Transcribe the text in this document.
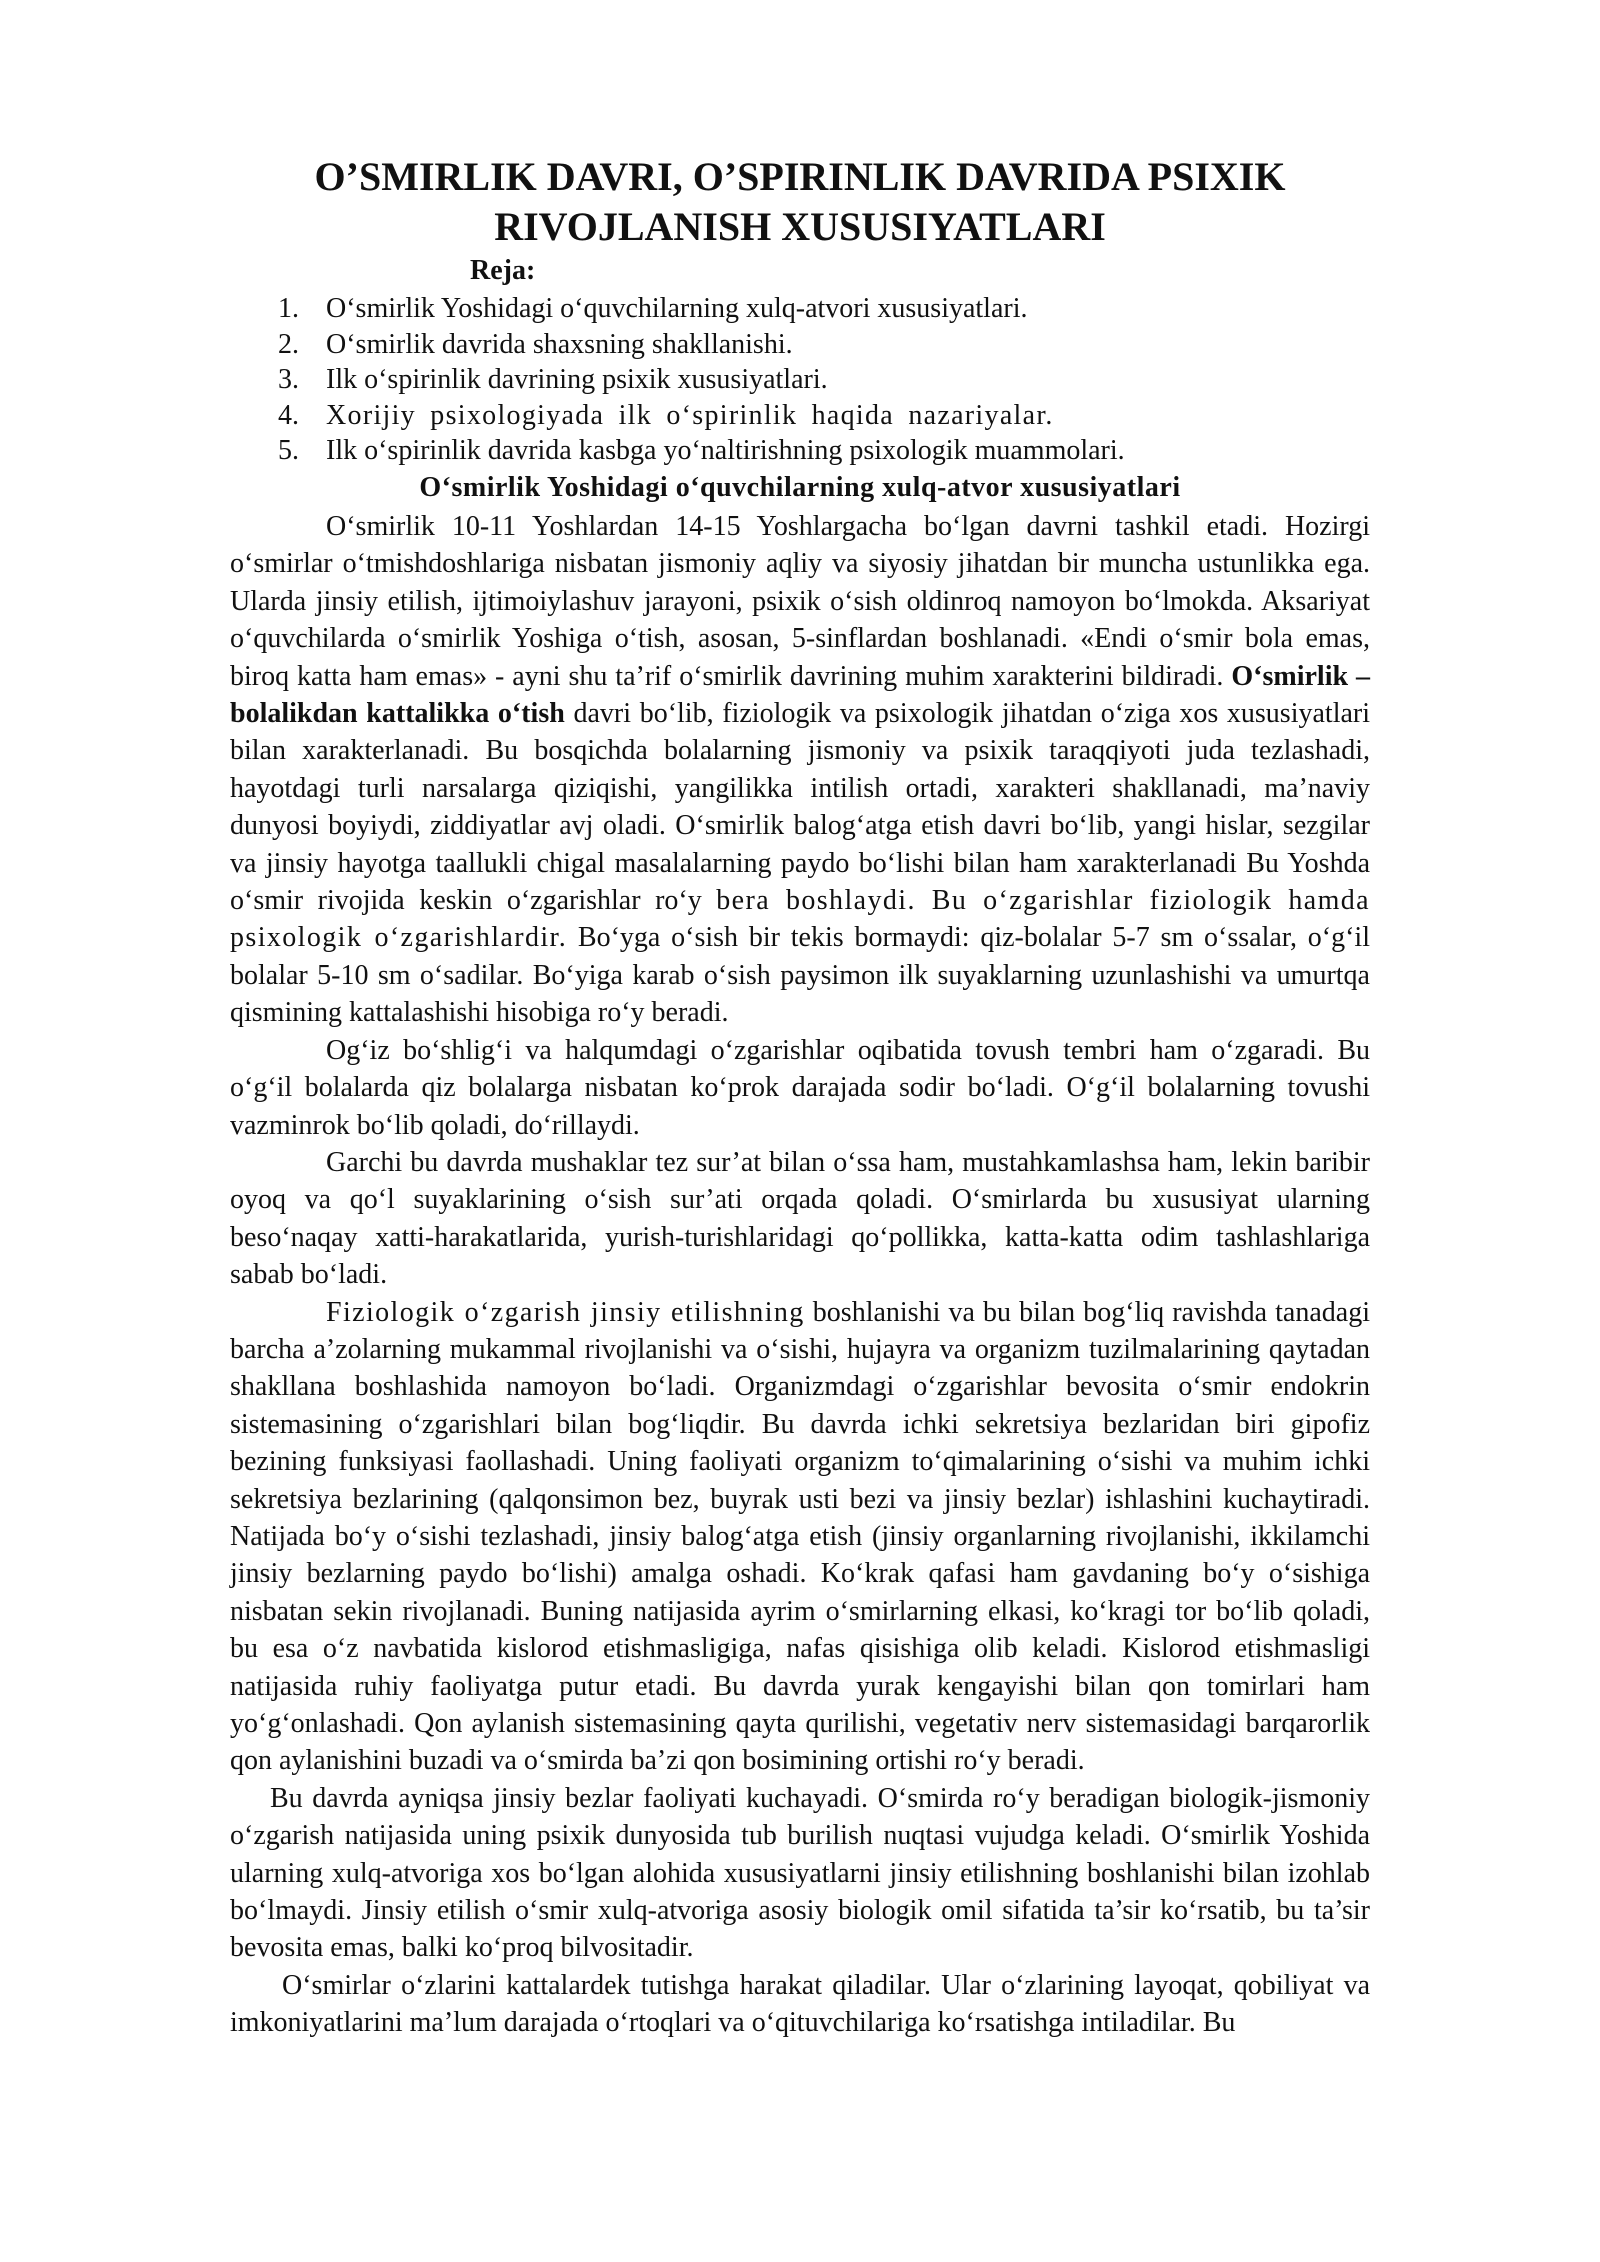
O’SMIRLIK DAVRI, O’SPIRINLIK DAVRIDA PSIXIK RIVOJLANISH XUSUSIYATLARI
Reja:
1. O‘smirlik Yoshidagi o‘quvchilarning xulq-atvori xususiyatlari.
2. O‘smirlik davrida shaxsning shakllanishi.
3. Ilk o‘spirinlik davrining psixik xususiyatlari.
4. Xorijiy psixologiyada ilk o‘spirinlik haqida nazariyalar.
5. Ilk o‘spirinlik davrida kasbga yo‘naltirishning psixologik muammolari.
O‘smirlik Yoshidagi o‘quvchilarning xulq-atvor xususiyatlari

O‘smirlik 10-11 Yoshlardan 14-15 Yoshlargacha bo‘lgan davrni tashkil etadi. Hozirgi o‘smirlar o‘tmishdoshlariga nisbatan jismoniy aqliy va siyosiy jihatdan bir muncha ustunlikka ega. Ularda jinsiy etilish, ijtimoiylashuv jarayoni, psixik o‘sish oldinroq namoyon bo‘lmokda. Aksariyat o‘quvchilarda o‘smirlik Yoshiga o‘tish, asosan, 5-sinflardan boshlanadi. «Endi o‘smir bola emas, biroq katta ham emas» - ayni shu ta’rif o‘smirlik davrining muhim xarakterini bildiradi. O‘smirlik – bolalikdan kattalikka o‘tish davri bo‘lib, fiziologik va psixologik jihatdan o‘ziga xos xususiyatlari bilan xarakterlanadi. Bu bosqichda bolalarning jismoniy va psixik taraqqiyoti juda tezlashadi, hayotdagi turli narsalarga qiziqishi, yangilikka intilish ortadi, xarakteri shakllanadi, ma’naviy dunyosi boyiydi, ziddiyatlar avj oladi. O‘smirlik balog‘atga etish davri bo‘lib, yangi hislar, sezgilar va jinsiy hayotga taallukli chigal masalalarning paydo bo‘lishi bilan ham xarakterlanadi Bu Yoshda o‘smir rivojida keskin o‘zgarishlar ro‘y bera boshlaydi. Bu o‘zgarishlar fiziologik hamda psixologik o‘zgarishlardir. Bo‘yga o‘sish bir tekis bormaydi: qiz-bolalar 5-7 sm o‘ssalar, o‘g‘il bolalar 5-10 sm o‘sadilar. Bo‘yiga karab o‘sish paysimon ilk suyaklarning uzunlashishi va umurtqa qismining kattalashishi hisobiga ro‘y beradi.

Og‘iz bo‘shlig‘i va halqumdagi o‘zgarishlar oqibatida tovush tembri ham o‘zgaradi. Bu o‘g‘il bolalarda qiz bolalarga nisbatan ko‘prok darajada sodir bo‘ladi. O‘g‘il bolalarning tovushi vazminrok bo‘lib qoladi, do‘rillaydi.

Garchi bu davrda mushaklar tez sur’at bilan o‘ssa ham, mustahkamlashsa ham, lekin baribir oyoq va qo‘l suyaklarining o‘sish sur’ati orqada qoladi. O‘smirlarda bu xususiyat ularning beso‘naqay xatti-harakatlarida, yurish-turishlaridagi qo‘pollikka, katta-katta odim tashlashlariga sabab bo‘ladi.

Fiziologik o‘zgarish jinsiy etilishning boshlanishi va bu bilan bog‘liq ravishda tanadagi barcha a’zolarning mukammal rivojlanishi va o‘sishi, hujayra va organizm tuzilmalarining qaytadan shakllana boshlashida namoyon bo‘ladi. Organizmdagi o‘zgarishlar bevosita o‘smir endokrin sistemasining o‘zgarishlari bilan bog‘liqdir. Bu davrda ichki sekretsiya bezlaridan biri gipofiz bezining funksiyasi faollashadi. Uning faoliyati organizm to‘qimalarining o‘sishi va muhim ichki sekretsiya bezlarining (qalqonsimon bez, buyrak usti bezi va jinsiy bezlar) ishlashini kuchaytiradi. Natijada bo‘y o‘sishi tezlashadi, jinsiy balog‘atga etish (jinsiy organlarning rivojlanishi, ikkilamchi jinsiy bezlarning paydo bo‘lishi) amalga oshadi. Ko‘krak qafasi ham gavdaning bo‘y o‘sishiga nisbatan sekin rivojlanadi. Buning natijasida ayrim o‘smirlarning elkasi, ko‘kragi tor bo‘lib qoladi, bu esa o‘z navbatida kislorod etishmasligiga, nafas qisishiga olib keladi. Kislorod etishmasligi natijasida ruhiy faoliyatga putur etadi. Bu davrda yurak kengayishi bilan qon tomirlari ham yo‘g‘onlashadi. Qon aylanish sistemasining qayta qurilishi, vegetativ nerv sistemasidagi barqarorlik qon aylanishini buzadi va o‘smirda ba’zi qon bosimining ortishi ro‘y beradi.

Bu davrda ayniqsa jinsiy bezlar faoliyati kuchayadi. O‘smirda ro‘y beradigan biologik-jismoniy o‘zgarish natijasida uning psixik dunyosida tub burilish nuqtasi vujudga keladi. O‘smirlik Yoshida ularning xulq-atvoriga xos bo‘lgan alohida xususiyatlarni jinsiy etilishning boshlanishi bilan izohlab bo‘lmaydi. Jinsiy etilish o‘smir xulq-atvoriga asosiy biologik omil sifatida ta’sir ko‘rsatib, bu ta’sir bevosita emas, balki ko‘proq bilvositadir.

O‘smirlar o‘zlarini kattalardek tutishga harakat qiladilar. Ular o‘zlarining layoqat, qobiliyat va imkoniyatlarini ma’lum darajada o‘rtoqlari va o‘qituvchilariga ko‘rsatishga intiladilar. Bu
